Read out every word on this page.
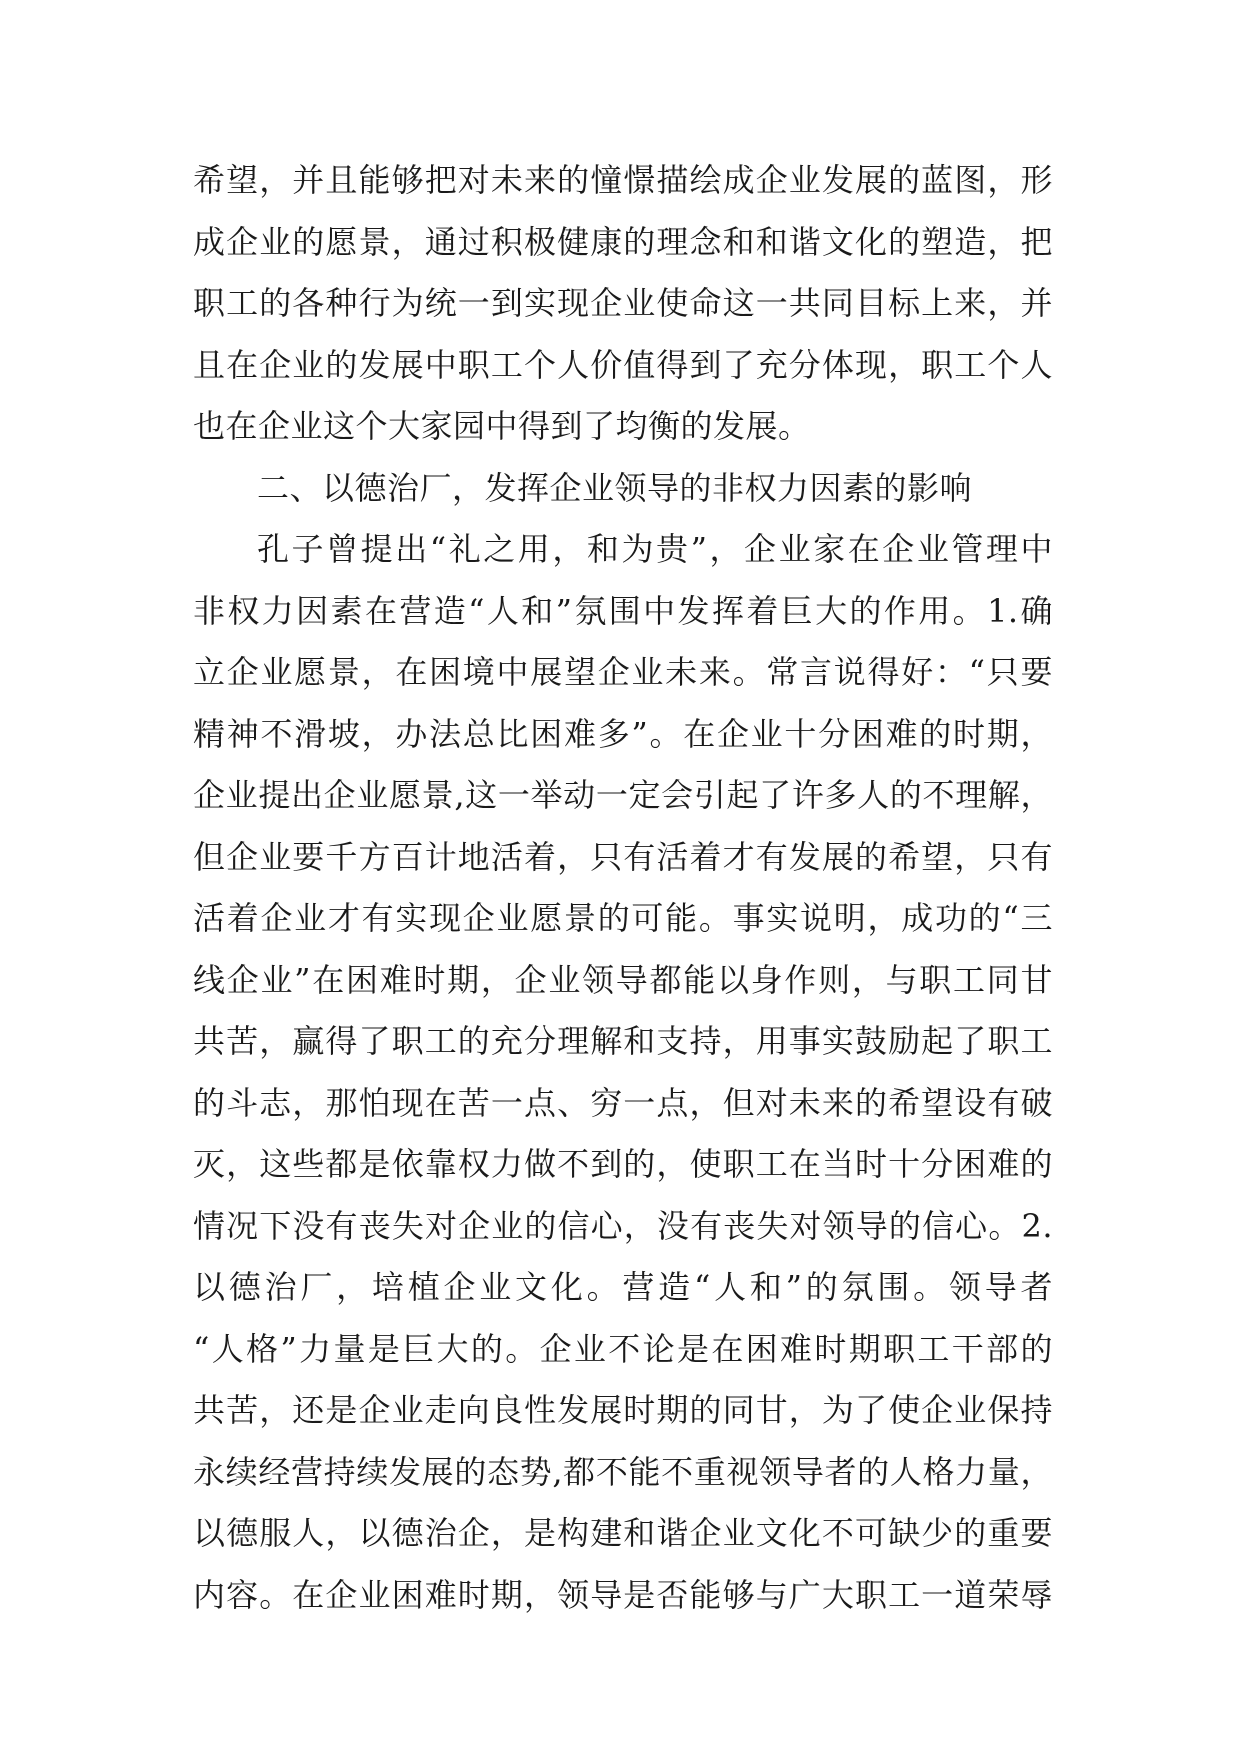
希望，并且能够把对未来的憧憬描绘成企业发展的蓝图，形
成企业的愿景，通过积极健康的理念和和谐文化的塑造，把
职工的各种行为统一到实现企业使命这一共同目标上来，并
且在企业的发展中职工个人价值得到了充分体现，职工个人
也在企业这个大家园中得到了均衡的发展。
二、以德治厂，发挥企业领导的非权力因素的影响
孔子曾提出“礼之用，和为贵”，企业家在企业管理中
非权力因素在营造“人和”氛围中发挥着巨大的作用。1.确
立企业愿景，在困境中展望企业未来。常言说得好：“只要
精神不滑坡，办法总比困难多”。在企业十分困难的时期，
企业提出企业愿景,这一举动一定会引起了许多人的不理解，
但企业要千方百计地活着，只有活着才有发展的希望，只有
活着企业才有实现企业愿景的可能。事实说明，成功的“三
线企业”在困难时期，企业领导都能以身作则，与职工同甘
共苦，赢得了职工的充分理解和支持，用事实鼓励起了职工
的斗志，那怕现在苦一点、穷一点，但对未来的希望设有破
灭，这些都是依靠权力做不到的，使职工在当时十分困难的
情况下没有丧失对企业的信心，没有丧失对领导的信心。2.
以德治厂，培植企业文化。营造“人和”的氛围。领导者
“人格”力量是巨大的。企业不论是在困难时期职工干部的
共苦，还是企业走向良性发展时期的同甘，为了使企业保持
永续经营持续发展的态势,都不能不重视领导者的人格力量，
以德服人，以德治企，是构建和谐企业文化不可缺少的重要
内容。在企业困难时期，领导是否能够与广大职工一道荣辱
